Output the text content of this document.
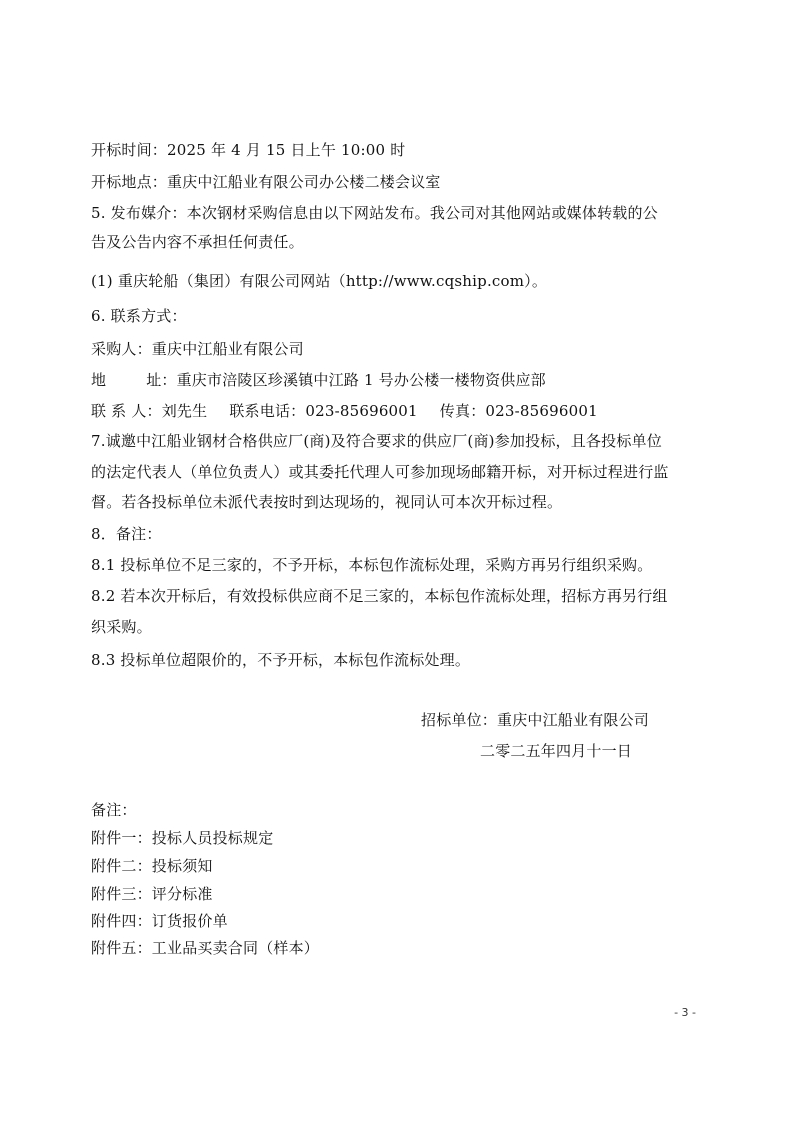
开标时间：2025 年 4 月 15 日上午 10:00 时
开标地点：重庆中江船业有限公司办公楼二楼会议室
5. 发布媒介：本次钢材采购信息由以下网站发布。我公司对其他网站或媒体转载的公
告及公告内容不承担任何责任。
(1) 重庆轮船（集团）有限公司网站（http://www.cqship.com）。
6. 联系方式：
采购人：重庆中江船业有限公司
地	址：重庆市涪陵区珍溪镇中江路 1 号办公楼一楼物资供应部
联 系 人：刘先生 联系电话：023-85696001 传真：023-85696001
7.诚邀中江船业钢材合格供应厂(商)及符合要求的供应厂(商)参加投标，且各投标单位
的法定代表人（单位负责人）或其委托代理人可参加现场邮籍开标，对开标过程进行监
督。若各投标单位未派代表按时到达现场的，视同认可本次开标过程。
8．备注：
8.1 投标单位不足三家的，不予开标，本标包作流标处理，采购方再另行组织采购。
8.2 若本次开标后，有效投标供应商不足三家的，本标包作流标处理，招标方再另行组
织采购。
8.3 投标单位超限价的，不予开标，本标包作流标处理。
招标单位：重庆中江船业有限公司
二零二五年四月十一日
备注：
附件一：投标人员投标规定
附件二：投标须知
附件三：评分标准
附件四：订货报价单
附件五：工业品买卖合同（样本）
- 3 -
